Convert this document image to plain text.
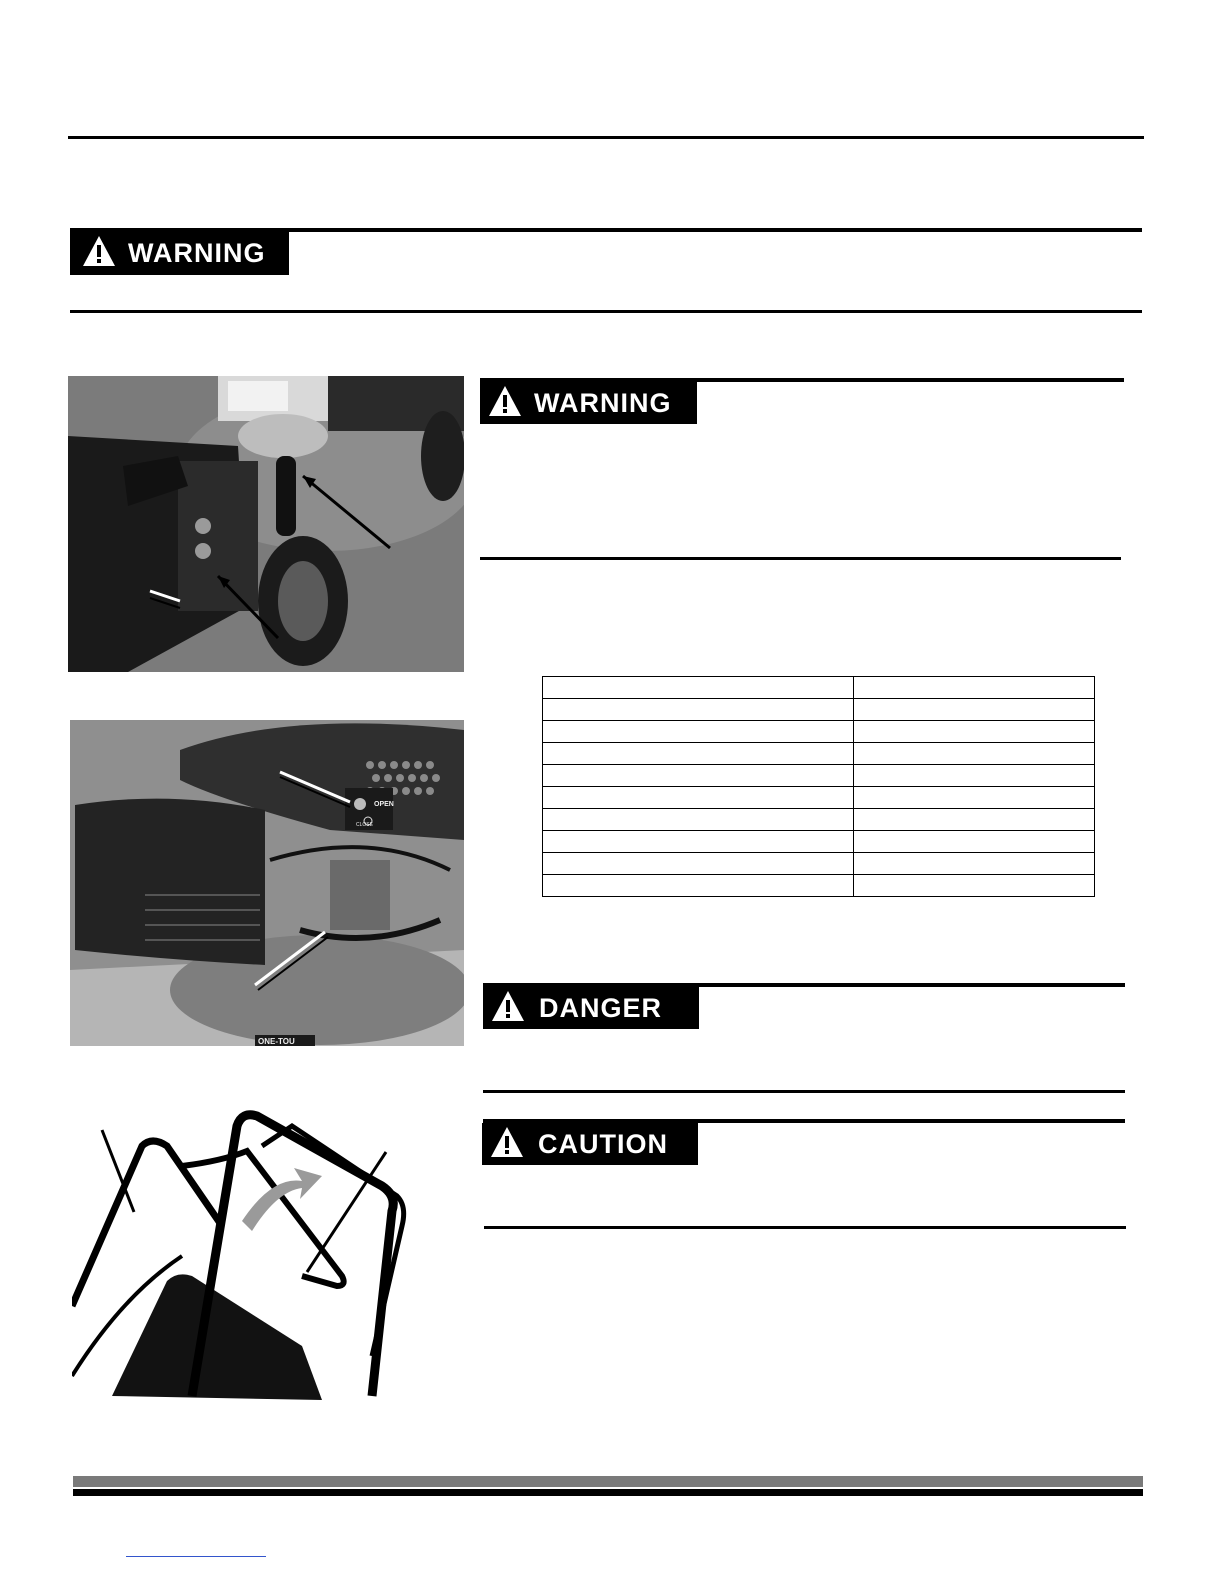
WARNING
WARNING
OPEN
CLOSE
ONE-TOU

DANGER
CAUTION
